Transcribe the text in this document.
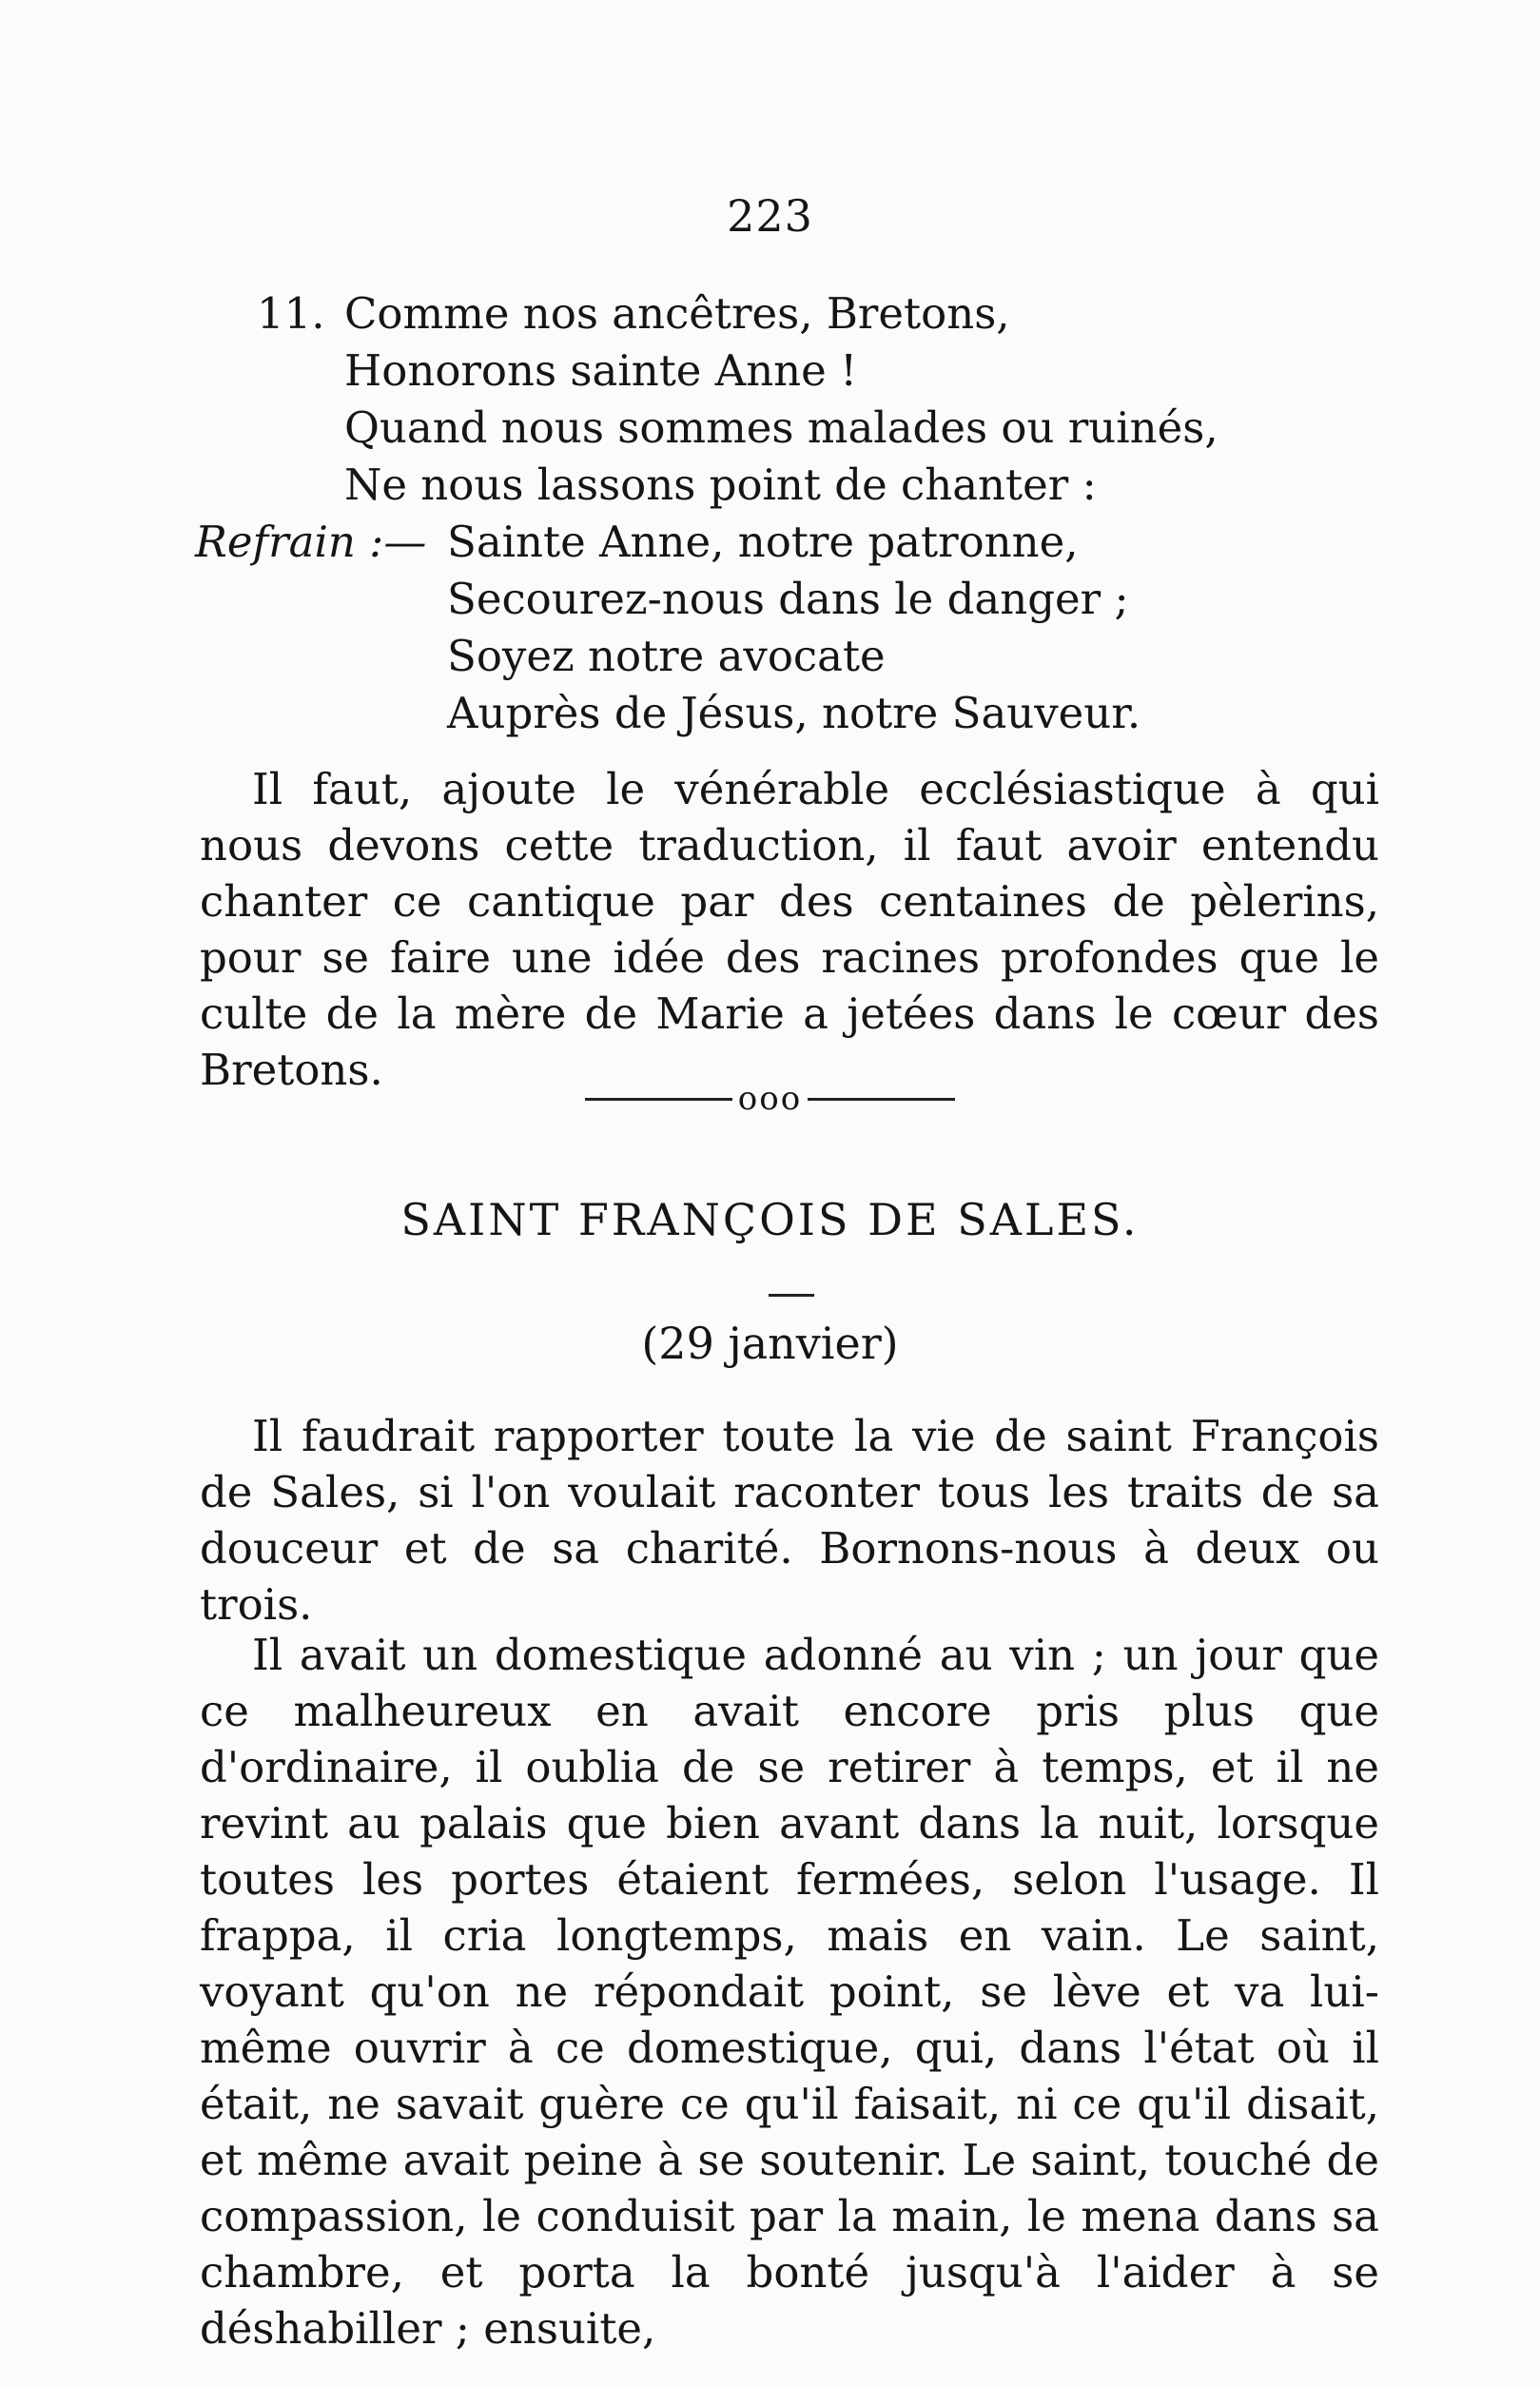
223
11. Comme nos ancêtres, Bretons,
Honorons sainte Anne !
Quand nous sommes malades ou ruinés,
Ne nous lassons point de chanter :
Refrain :— Sainte Anne, notre patronne,
Secourez-nous dans le danger ;
Soyez notre avocate
Auprès de Jésus, notre Sauveur.

Il faut, ajoute le vénérable ecclésiastique à qui nous devons cette traduction, il faut avoir entendu chanter ce cantique par des centaines de pèlerins, pour se faire une idée des racines profondes que le culte de la mère de Marie a jetées dans le cœur des Bretons.

ooo
SAINT FRANÇOIS DE SALES.
(29 janvier)

Il faudrait rapporter toute la vie de saint François de Sales, si l'on voulait raconter tous les traits de sa douceur et de sa charité. Bornons-nous à deux ou trois.

Il avait un domestique adonné au vin ; un jour que ce malheureux en avait encore pris plus que d'ordinaire, il oublia de se retirer à temps, et il ne revint au palais que bien avant dans la nuit, lorsque toutes les portes étaient fermées, selon l'usage. Il frappa, il cria longtemps, mais en vain. Le saint, voyant qu'on ne répondait point, se lève et va lui-même ouvrir à ce domestique, qui, dans l'état où il était, ne savait guère ce qu'il faisait, ni ce qu'il disait, et même avait peine à se soutenir. Le saint, touché de compassion, le conduisit par la main, le mena dans sa chambre, et porta la bonté jusqu'à l'aider à se déshabiller ; ensuite,
